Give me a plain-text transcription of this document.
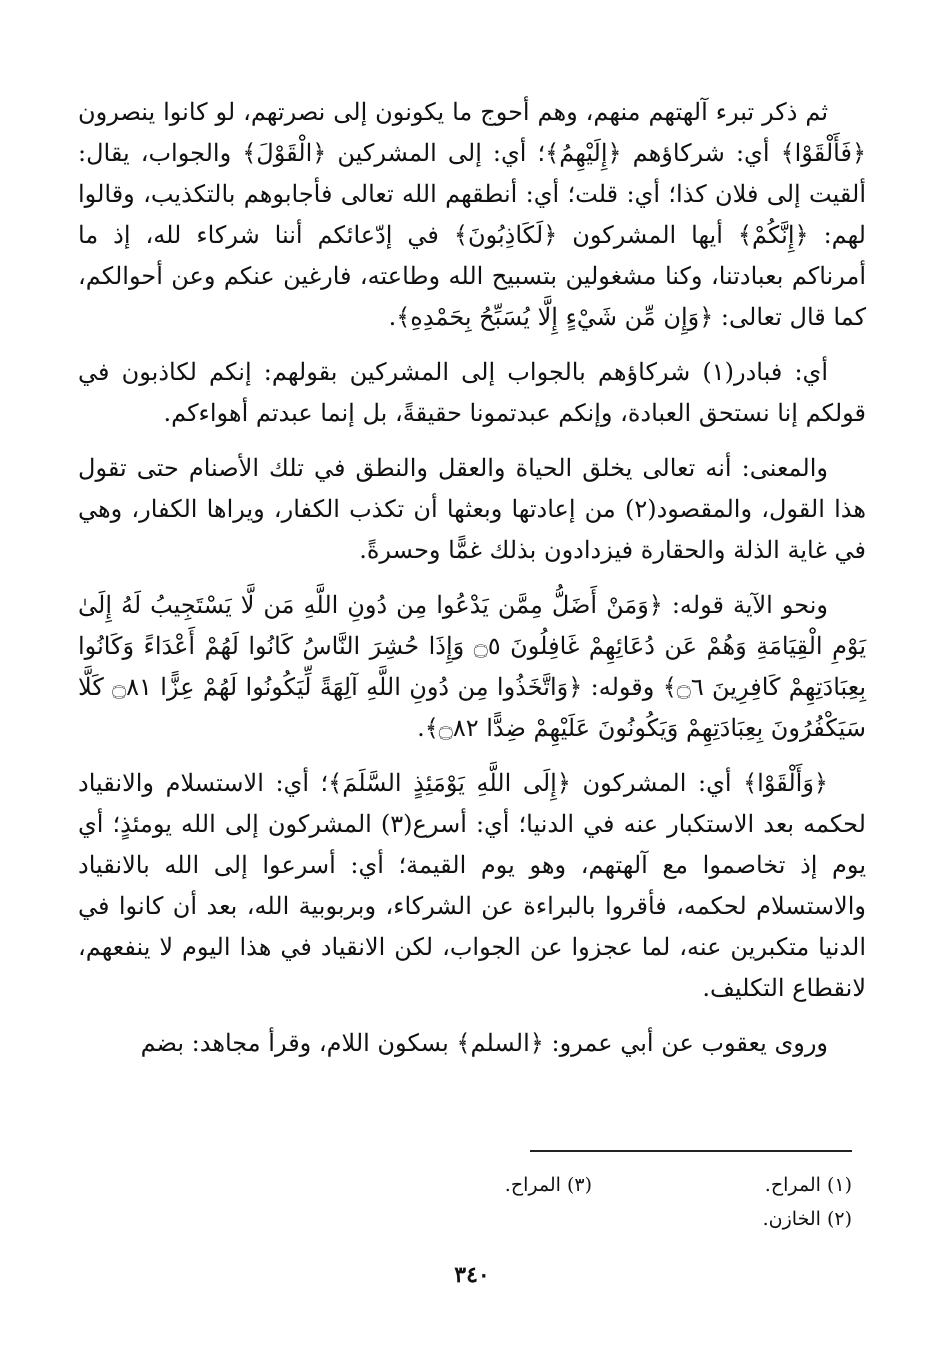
ثم ذكر تبرء آلهتهم منهم، وهم أحوج ما يكونون إلى نصرتهم، لو كانوا ينصرون ﴿فَأَلْقَوْا﴾ أي: شركاؤهم ﴿إِلَيْهِمُ﴾؛ أي: إلى المشركين ﴿الْقَوْلَ﴾ والجواب، يقال: ألقيت إلى فلان كذا؛ أي: قلت؛ أي: أنطقهم الله تعالى فأجابوهم بالتكذيب، وقالوا لهم: ﴿إِنَّكُمْ﴾ أيها المشركون ﴿لَكَاذِبُونَ﴾ في إدّعائكم أننا شركاء لله، إذ ما أمرناكم بعبادتنا، وكنا مشغولين بتسبيح الله وطاعته، فارغين عنكم وعن أحوالكم، كما قال تعالى: ﴿وَإِن مِّن شَيْءٍ إِلَّا يُسَبِّحُ بِحَمْدِهِ﴾.

أي: فبادر(١) شركاؤهم بالجواب إلى المشركين بقولهم: إنكم لكاذبون في قولكم إنا نستحق العبادة، وإنكم عبدتمونا حقيقةً، بل إنما عبدتم أهواءكم.

والمعنى: أنه تعالى يخلق الحياة والعقل والنطق في تلك الأصنام حتى تقول هذا القول، والمقصود(٢) من إعادتها وبعثها أن تكذب الكفار، ويراها الكفار، وهي في غاية الذلة والحقارة فيزدادون بذلك غمًّا وحسرةً.

ونحو الآية قوله: ﴿وَمَنْ أَضَلُّ مِمَّن يَدْعُوا مِن دُونِ اللَّهِ مَن لَّا يَسْتَجِيبُ لَهُ إِلَىٰ يَوْمِ الْقِيَامَةِ وَهُمْ عَن دُعَائِهِمْ غَافِلُونَ ۝٥ وَإِذَا حُشِرَ النَّاسُ كَانُوا لَهُمْ أَعْدَاءً وَكَانُوا بِعِبَادَتِهِمْ كَافِرِينَ ۝٦﴾ وقوله: ﴿وَاتَّخَذُوا مِن دُونِ اللَّهِ آلِهَةً لِّيَكُونُوا لَهُمْ عِزًّا ۝٨١ كَلَّا سَيَكْفُرُونَ بِعِبَادَتِهِمْ وَيَكُونُونَ عَلَيْهِمْ ضِدًّا ۝٨٢﴾.

﴿وَأَلْقَوْا﴾ أي: المشركون ﴿إِلَى اللَّهِ يَوْمَئِذٍ السَّلَمَ﴾؛ أي: الاستسلام والانقياد لحكمه بعد الاستكبار عنه في الدنيا؛ أي: أسرع(٣) المشركون إلى الله يومئذٍ؛ أي يوم إذ تخاصموا مع آلهتهم، وهو يوم القيمة؛ أي: أسرعوا إلى الله بالانقياد والاستسلام لحكمه، فأقروا بالبراءة عن الشركاء، وبربوبية الله، بعد أن كانوا في الدنيا متكبرين عنه، لما عجزوا عن الجواب، لكن الانقياد في هذا اليوم لا ينفعهم، لانقطاع التكليف.

وروى يعقوب عن أبي عمرو: ﴿السلم﴾ بسكون اللام، وقرأ مجاهد: بضم

(١) المراح.
(٣) المراح.
(٢) الخازن.
٣٤٠
